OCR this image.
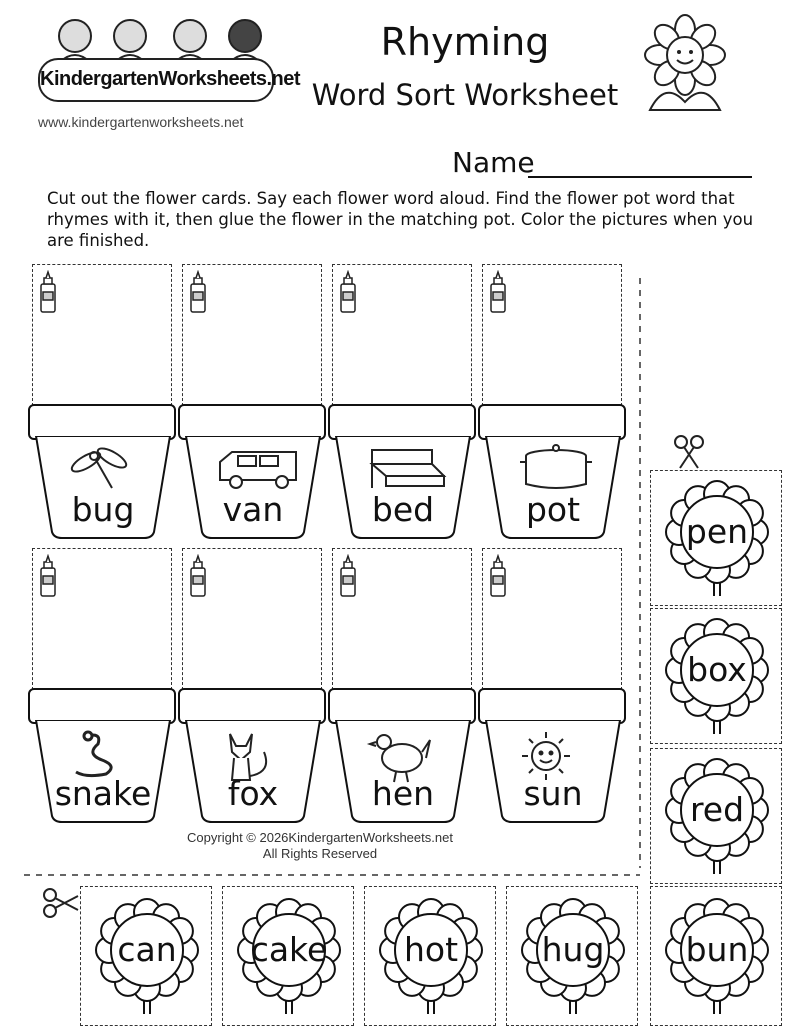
KindergartenWorksheets.net
www.kindergartenworksheets.net
Rhyming
Word Sort Worksheet
Name
Cut out the flower cards. Say each flower word aloud. Find the flower pot word that rhymes with it, then glue the flower in the matching pot. Color the pictures when you are finished.
bug	van	bed	pot
snake	fox	hen	sun
pen
box
red
can	cake	hot	hug	bun
Copyright © 2026KindergartenWorksheets.net
All Rights Reserved
